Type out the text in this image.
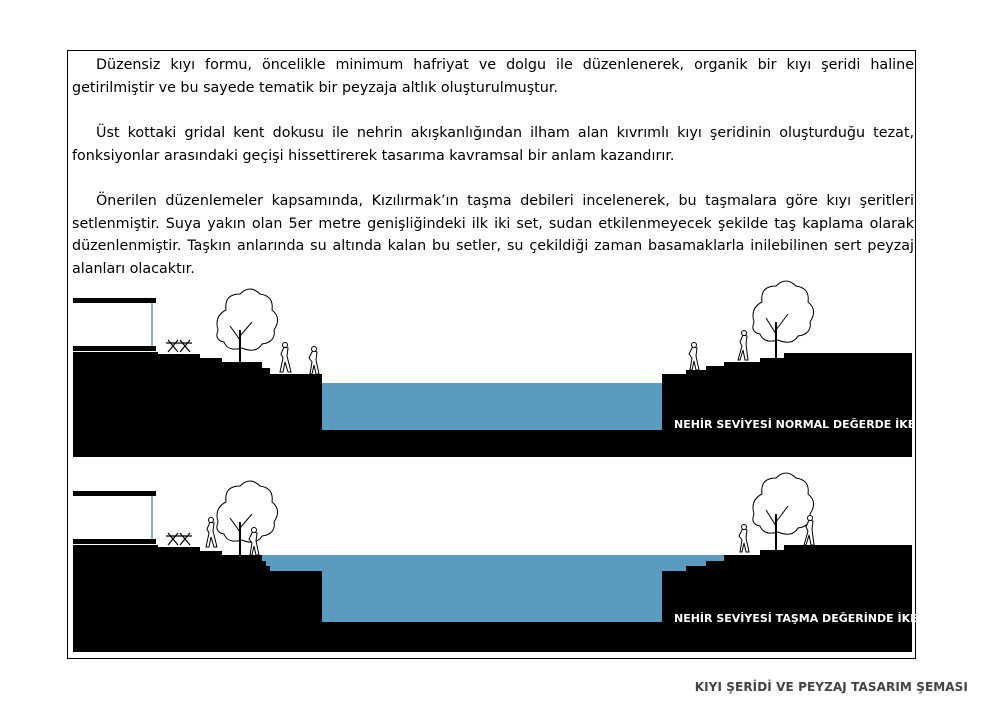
Düzensiz kıyı formu, öncelikle minimum hafriyat ve dolgu ile düzenlenerek, organik bir kıyı şeridi haline getirilmiştir ve bu sayede tematik bir peyzaja altlık oluşturulmuştur.

Üst kottaki gridal kent dokusu ile nehrin akışkanlığından ilham alan kıvrımlı kıyı şeridinin oluşturduğu tezat, fonksiyonlar arasındaki geçişi hissettirerek tasarıma kavramsal bir anlam kazandırır.

Önerilen düzenlemeler kapsamında, Kızılırmak’ın taşma debileri incelenerek, bu taşmalara göre kıyı şeritleri setlenmiştir. Suya yakın olan 5er metre genişliğindeki ilk iki set, sudan etkilenmeyecek şekilde taş kaplama olarak düzenlenmiştir. Taşkın anlarında su altında kalan bu setler, su çekildiği zaman basamaklarla inilebilinen sert peyzaj alanları olacaktır.

NEHİR SEVİYESİ NORMAL DEĞERDE İKEN
NEHİR SEVİYESİ TAŞMA DEĞERİNDE İKEN
KIYI ŞERİDİ VE PEYZAJ TASARIM ŞEMASI
